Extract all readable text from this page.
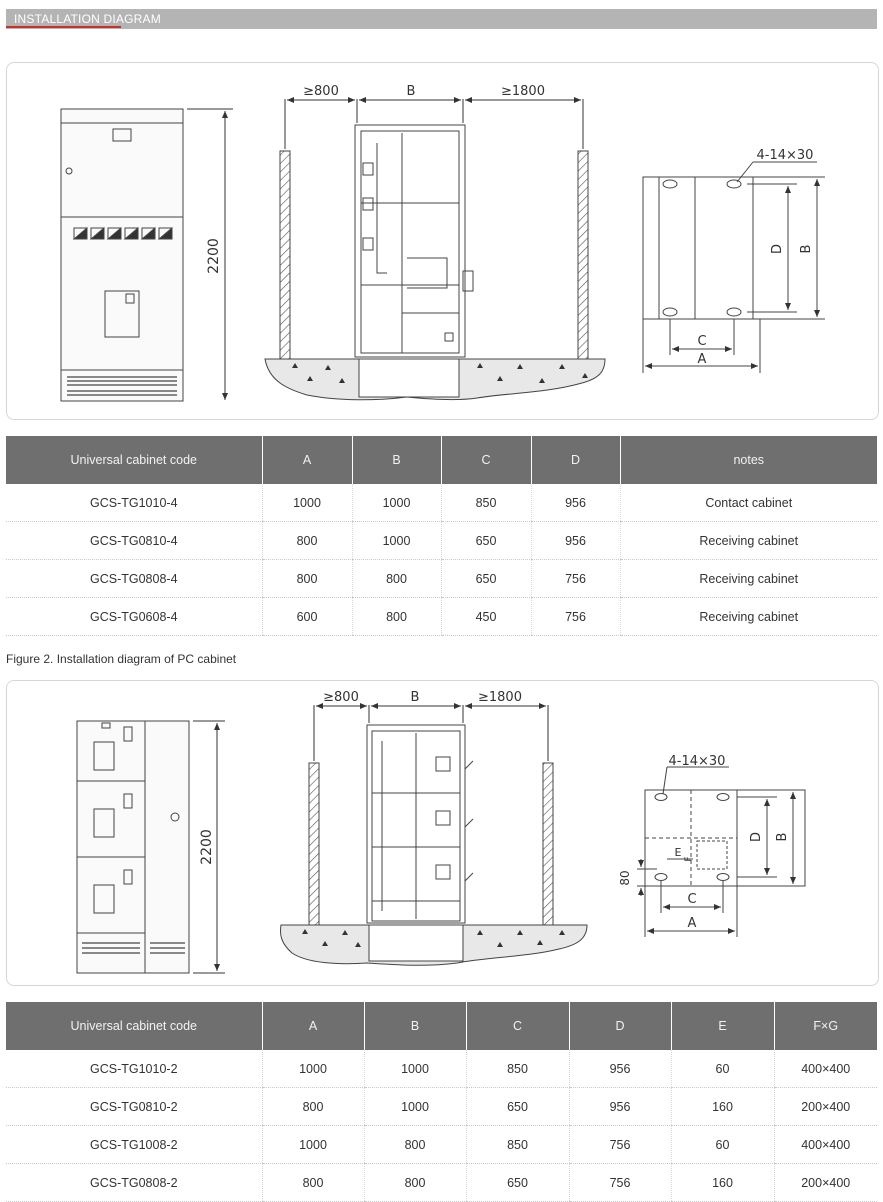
INSTALLATION DIAGRAM
2200
≥800	B	≥1800
4-14×30
D B
C
A
Universal cabinet code	A	B	C	D	notes
GCS-TG1010-4	1000	1000	850	956	Contact cabinet
GCS-TG0810-4	800	1000	650	956	Receiving cabinet
GCS-TG0808-4	800	800	650	756	Receiving cabinet
GCS-TG0608-4	600	800	450	756	Receiving cabinet
Figure 2. Installation diagram of PC cabinet
2200
≥800	B	≥1800
4-14×30
D B
E F
80
C
A
Universal cabinet code	A	B	C	D	E	F×G
GCS-TG1010-2	1000	1000	850	956	60	400×400
GCS-TG0810-2	800	1000	650	956	160	200×400
GCS-TG1008-2	1000	800	850	756	60	400×400
GCS-TG0808-2	800	800	650	756	160	200×400
